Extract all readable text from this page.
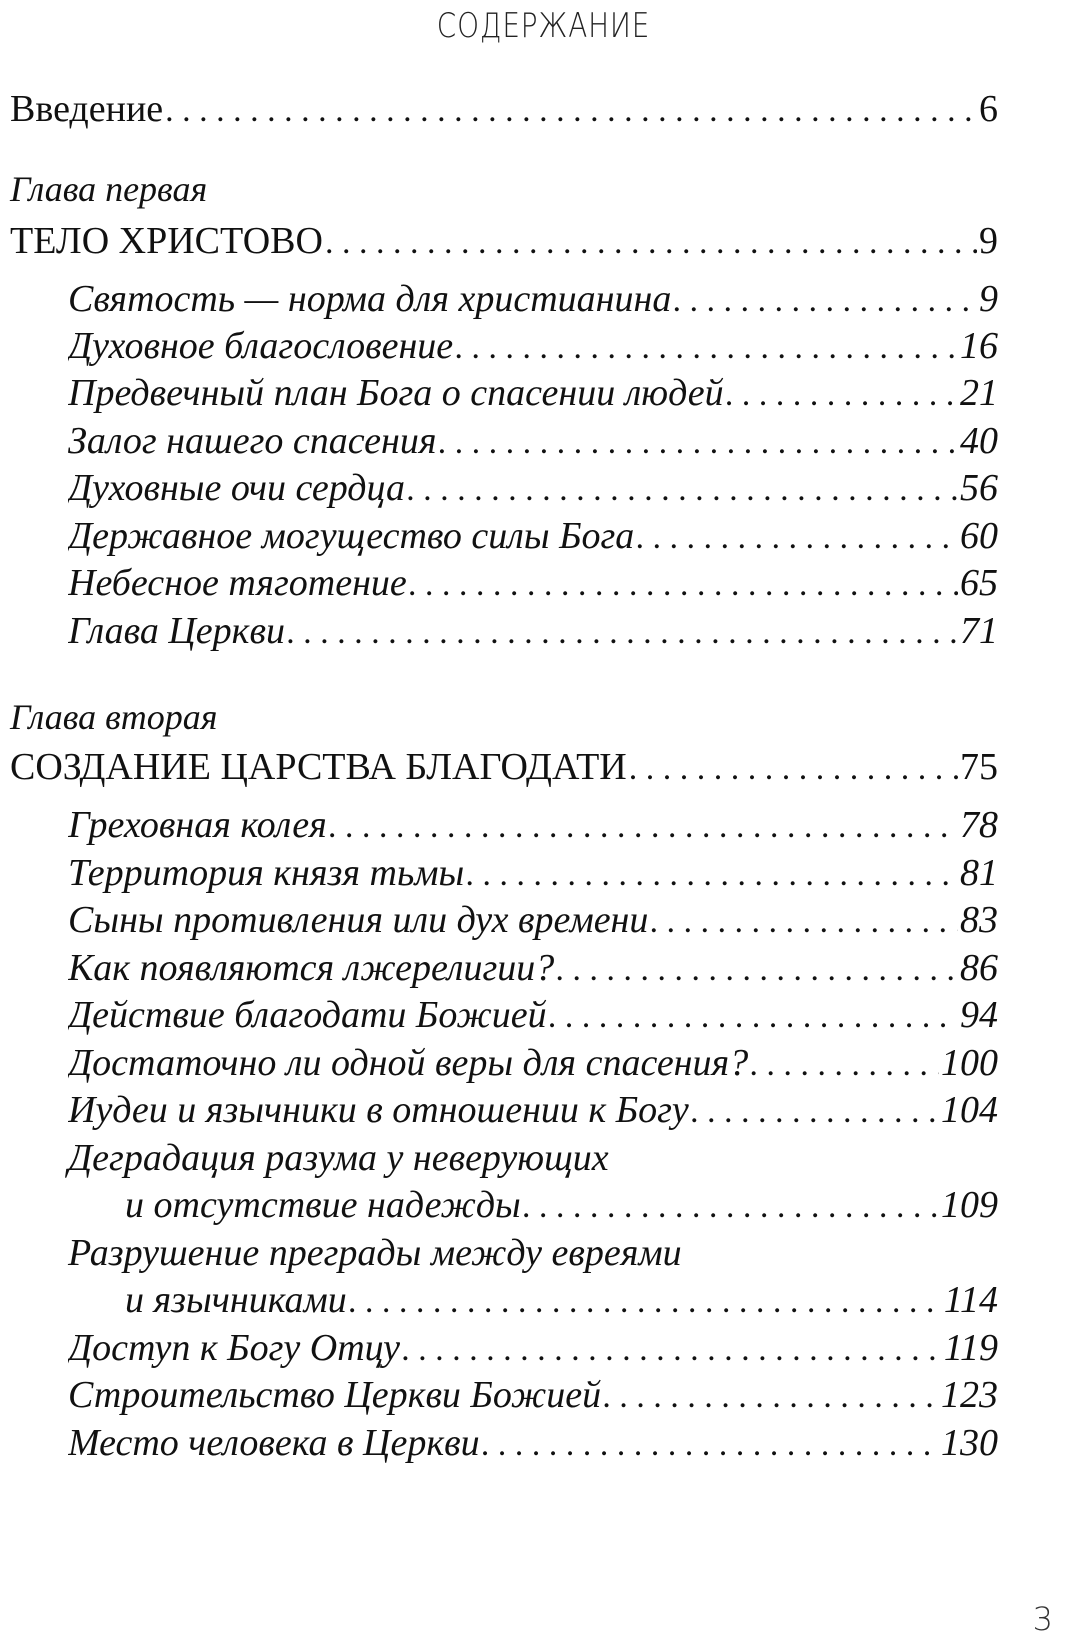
СОДЕРЖАНИЕ
Введение . . .	6
Глава первая
ТЕЛО ХРИСТОВО . . .	9
Святость — норма для христианина . . .	9
Духовное благословение . . .	16
Предвечный план Бога о спасении людей . . .	21
Залог нашего спасения . . .	40
Духовные очи сердца . . .	56
Державное могущество силы Бога . . .	60
Небесное тяготение . . .	65
Глава Церкви . . .	71
Глава вторая
СОЗДАНИЕ ЦАРСТВА БЛАГОДАТИ . . .	75
Греховная колея . . .	78
Территория князя тьмы . . .	81
Сыны противления или дух времени . . .	83
Как появляются лжерелигии? . . .	86
Действие благодати Божией . . .	94
Достаточно ли одной веры для спасения? . . .	100
Иудеи и язычники в отношении к Богу . . .	104
Деградация разума у неверующих
и отсутствие надежды . . .	109
Разрушение преграды между евреями
и язычниками . . .	114
Доступ к Богу Отцу . . .	119
Строительство Церкви Божией . . .	123
Место человека в Церкви . . .	130
3
